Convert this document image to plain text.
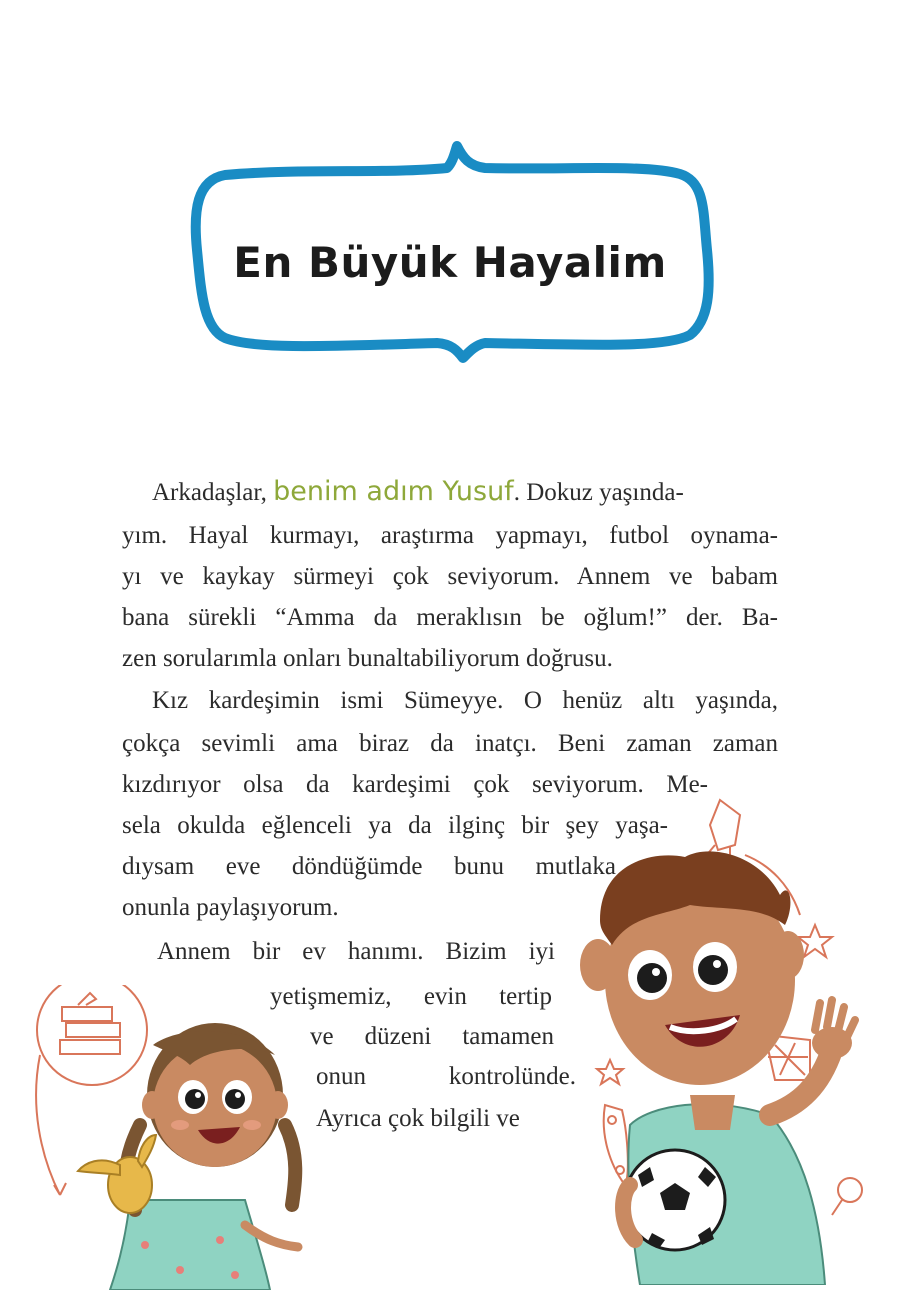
En Büyük Hayalim
Arkadaşlar, benim adım Yusuf. Dokuz yaşında-
yım. Hayal kurmayı, araştırma yapmayı, futbol oynama-
yı ve kaykay sürmeyi çok seviyorum. Annem ve babam
bana sürekli “Amma da meraklısın be oğlum!” der. Ba-
zen sorularımla onları bunaltabiliyorum doğrusu.
Kız kardeşimin ismi Sümeyye. O henüz altı yaşında,
çokça sevimli ama biraz da inatçı. Beni zaman zaman
kızdırıyor olsa da kardeşimi çok seviyorum. Me-
sela okulda eğlenceli ya da ilginç bir şey yaşa-
dıysam eve döndüğümde bunu mutlaka
onunla paylaşıyorum.
Annem bir ev hanımı. Bizim iyi
yetişmemiz, evin tertip
ve düzeni tamamen
onun kontrolünde.
Ayrıca çok bilgili ve
